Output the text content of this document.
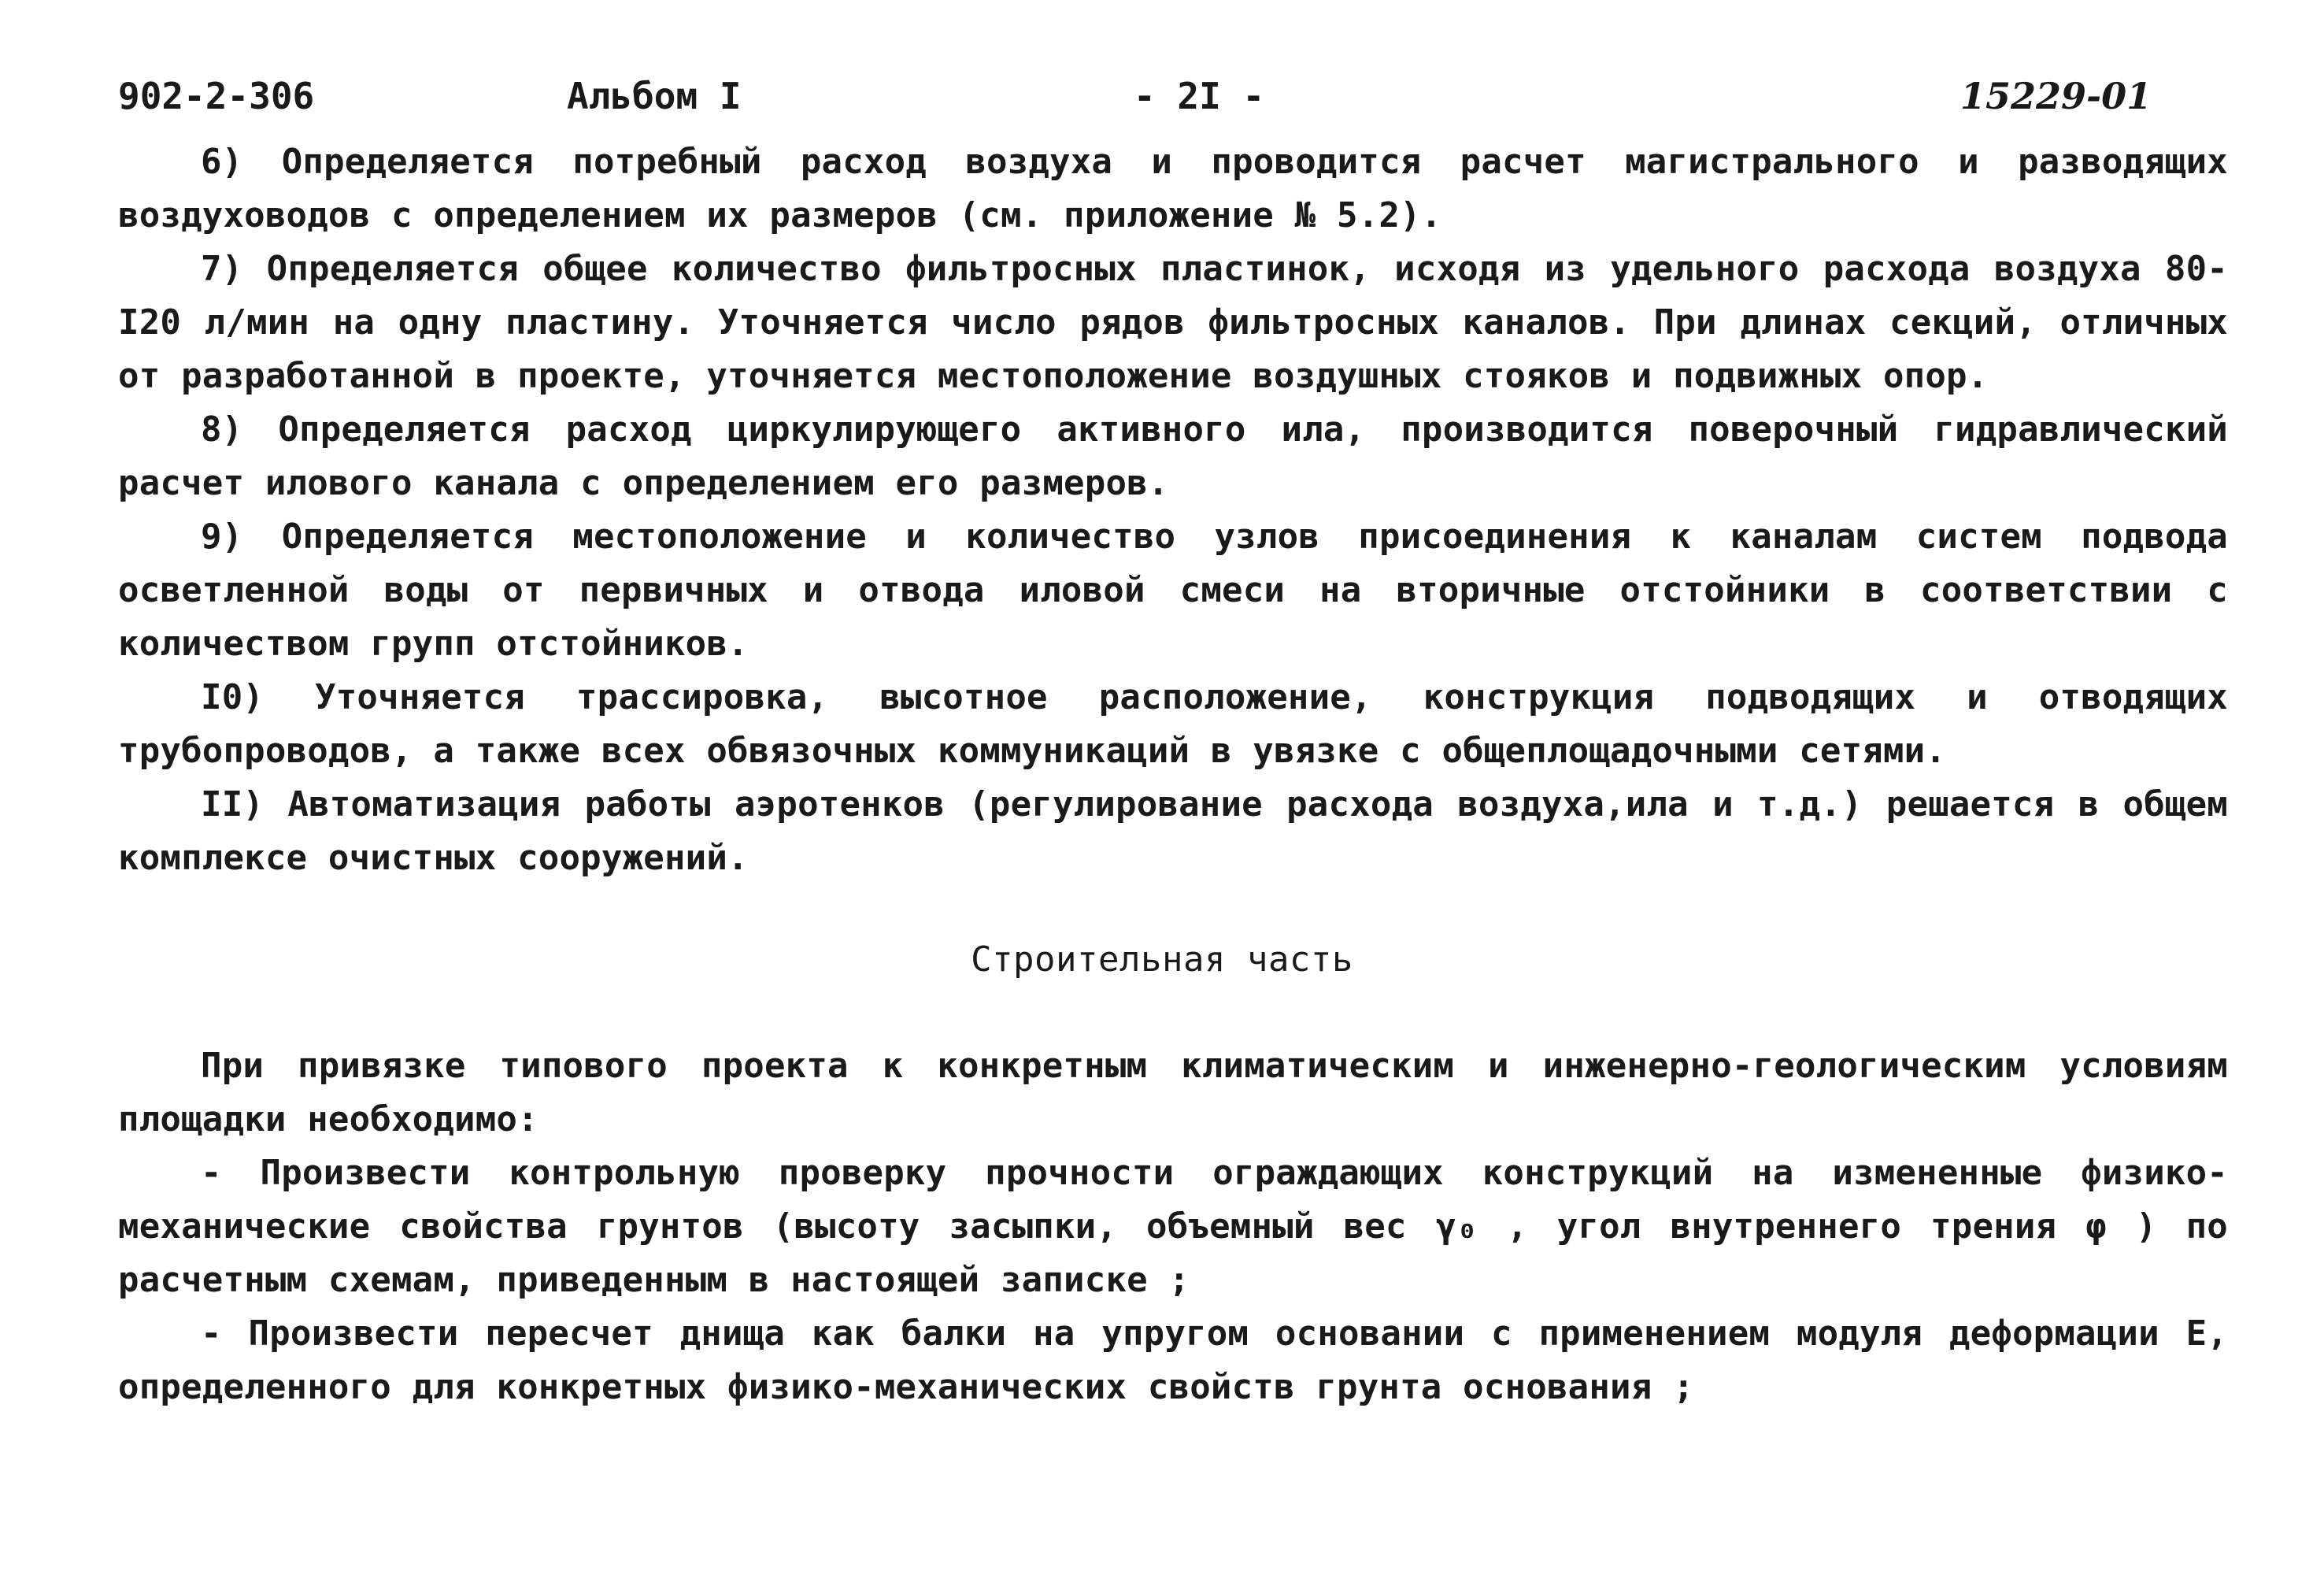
902-2-306	Альбом I	- 2I -	15229-01

6) Определяется потребный расход воздуха и проводится расчет магистрального и разводящих воздуховодов с определением их размеров (см. приложение № 5.2).

7) Определяется общее количество фильтросных пластинок, исходя из удельного расхода воздуха 80-I20 л/мин на одну пластину. Уточняется число рядов фильтросных каналов. При длинах секций, отличных от разработанной в проекте, уточняется местоположение воздушных стояков и подвижных опор.

8) Определяется расход циркулирующего активного ила, производится поверочный гидравлический расчет илового канала с определением его размеров.

9) Определяется местоположение и количество узлов присоединения к каналам систем подвода осветленной воды от первичных и отвода иловой смеси на вторичные отстойники в соответствии с количеством групп отстойников.

I0) Уточняется трассировка, высотное расположение, конструкция подводящих и отводящих трубопроводов, а также всех обвязочных коммуникаций в увязке с общеплощадочными сетями.

II) Автоматизация работы аэротенков (регулирование расхода воздуха,ила и т.д.) решается в общем комплексе очистных сооружений.

Строительная часть

При привязке типового проекта к конкретным климатическим и инженерно-геологическим условиям площадки необходимо:

- Произвести контрольную проверку прочности ограждающих конструкций на измененные физико-механические свойства грунтов (высоту засыпки, объемный вес γ₀ , угол внутреннего трения φ ) по расчетным схемам, приведенным в настоящей записке ;

- Произвести пересчет днища как балки на упругом основании с применением модуля деформации Е, определенного для конкретных физико-механических свойств грунта основания ;
